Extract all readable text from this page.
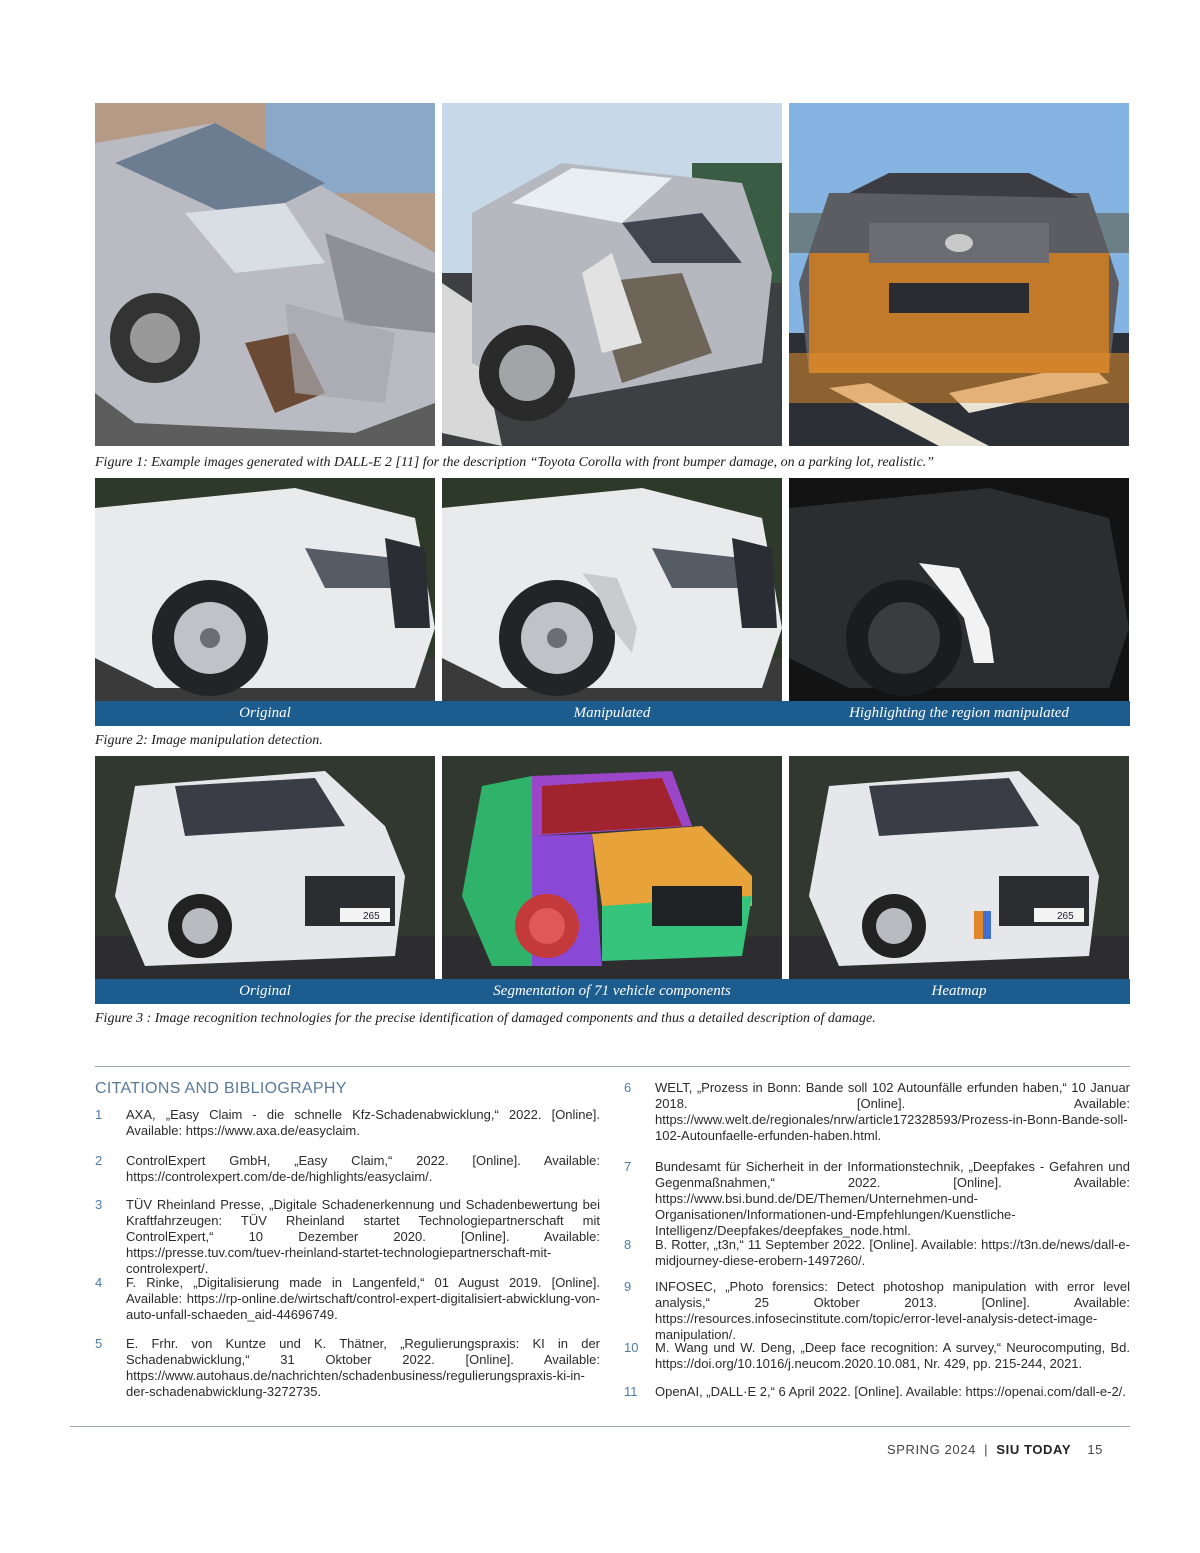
Figure 1: Example images generated with DALL-E 2 [11] for the description “Toyota Corolla with front bumper damage, on a parking lot, realistic.”
Original	Manipulated	Highlighting the region manipulated
Figure 2: Image manipulation detection.
265	265
Original	Segmentation of 71 vehicle components	Heatmap
Figure 3 : Image recognition technologies for the precise identification of damaged components and thus a detailed description of damage.
CITATIONS AND BIBLIOGRAPHY
1 AXA, „Easy Claim - die schnelle Kfz-Schadenabwicklung,“ 2022. [Online]. Available: https://www.axa.de/easyclaim.
2 ControlExpert GmbH, „Easy Claim,“ 2022. [Online]. Available: https://controlexpert.com/de-de/highlights/easyclaim/.
3 TÜV Rheinland Presse, „Digitale Schadenerkennung und Schadenbewertung bei Kraftfahrzeugen: TÜV Rheinland startet Technologiepartnerschaft mit ControlExpert,“ 10 Dezember 2020. [Online]. Available: https://presse.tuv.com/tuev-rheinland-startet-technologiepartnerschaft-mit-controlexpert/.
4 F. Rinke, „Digitalisierung made in Langenfeld,“ 01 August 2019. [Online]. Available: https://rp-online.de/wirtschaft/control-expert-digitalisiert-abwicklung-von-auto-unfall-schaeden_aid-44696749.
5 E. Frhr. von Kuntze und K. Thätner, „Regulierungspraxis: KI in der Schadenabwicklung,“ 31 Oktober 2022. [Online]. Available: https://www.autohaus.de/nachrichten/schadenbusiness/regulierungspraxis-ki-in-der-schadenabwicklung-3272735.
6 WELT, „Prozess in Bonn: Bande soll 102 Autounfälle erfunden haben,“ 10 Januar 2018. [Online]. Available: https://www.welt.de/regionales/nrw/article172328593/Prozess-in-Bonn-Bande-soll-102-Autounfaelle-erfunden-haben.html.
7 Bundesamt für Sicherheit in der Informationstechnik, „Deepfakes - Gefahren und Gegenmaßnahmen,“ 2022. [Online]. Available: https://www.bsi.bund.de/DE/Themen/Unternehmen-und-Organisationen/Informationen-und-Empfehlungen/Kuenstliche-Intelligenz/Deepfakes/deepfakes_node.html.
8 B. Rotter, „t3n,“ 11 September 2022. [Online]. Available: https://t3n.de/news/dall-e-midjourney-diese-erobern-1497260/.
9 INFOSEC, „Photo forensics: Detect photoshop manipulation with error level analysis,“ 25 Oktober 2013. [Online]. Available: https://resources.infosecinstitute.com/topic/error-level-analysis-detect-image-manipulation/.
10 M. Wang und W. Deng, „Deep face recognition: A survey,“ Neurocomputing, Bd. https://doi.org/10.1016/j.neucom.2020.10.081, Nr. 429, pp. 215-244, 2021.
11 OpenAI, „DALL·E 2,“ 6 April 2022. [Online]. Available: https://openai.com/dall-e-2/.
SPRING 2024 | SIU TODAY 15
